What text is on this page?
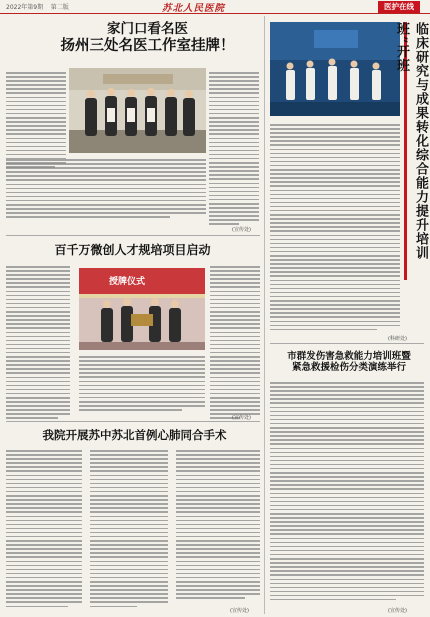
2022年第9期 第二版	苏北人民医院	医护在线
家门口看名医
扬州三处名医工作室挂牌！
(宣传处)
百千万微创人才规培项目启动
授牌仪式
(宣传处)
我院开展苏中苏北首例心肺同合手术
(宣传处)
临床研究与成果转化综合能力提升培训班”开班
(科研处)
市群发伤害急救能力培训班暨
紧急救援检伤分类演练举行
(宣传处)
